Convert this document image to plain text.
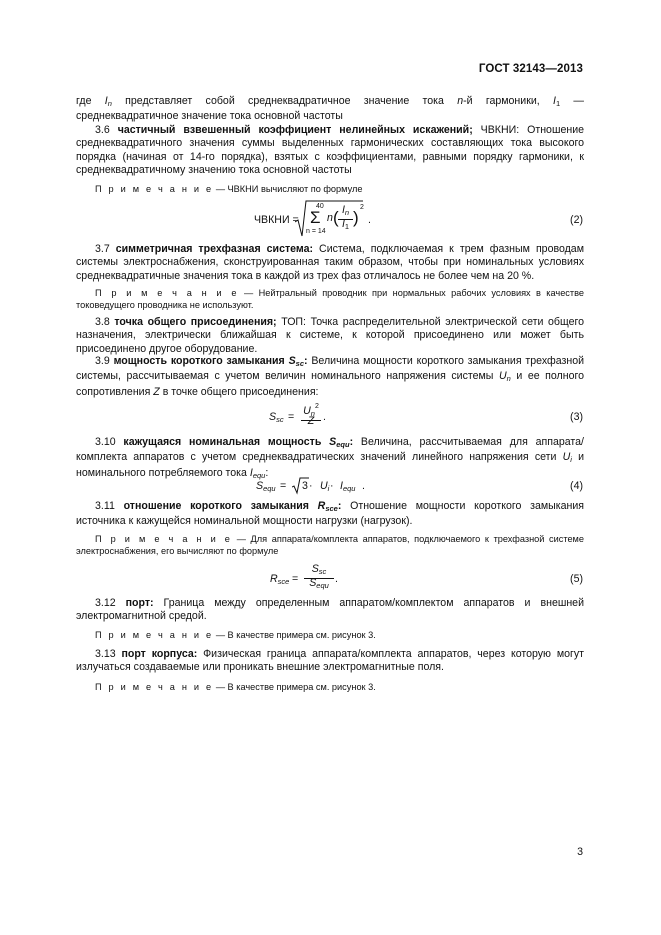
ГОСТ 32143—2013
где $I_n$ представляет собой среднеквадратичное значение тока n-й гармоники, $I_1$ — среднеквадратичное значение тока основной частоты
3.6 частичный взвешенный коэффициент нелинейных искажений; ЧВКНИ: Отношение среднеквадратичного значения суммы выделенных гармонических составляющих тока высокого порядка (начиная от 14-го порядка), взятых с коэффициентами, равными порядку гармоники, к среднеквадратичному значению тока основной частоты
П р и м е ч а н и е — ЧВКНИ вычисляют по формуле
ЧВКНИ =
40
Σ
n = 14
n ( $I_n$
$I_1$ )
2
.	(2)
3.7 симметричная трехфазная система: Система, подключаемая к трем фазным проводам системы электроснабжения, сконструированная таким образом, чтобы при номинальных условиях среднеквадратичные значения тока в каждой из трех фаз отличалось не более чем на 20 %.
П р и м е ч а н и е — Нейтральный проводник при нормальных рабочих условиях в качестве токоведущего проводника не используют.
3.8 точка общего присоединения; ТОП: Точка распределительной электрической сети общего назначения, электрически ближайшая к системе, к которой присоединено или может быть присоединено другое оборудование.
3.9 мощность короткого замыкания $S_{sc}$: Величина мощности короткого замыкания трехфазной системы, рассчитываемая с учетом величин номинального напряжения системы $U_n$ и ее полного сопротивления Z в точке общего присоединения:
$S_{sc} = U_n^2$
Z .	(3)
3.10 кажущаяся номинальная мощность $S_{equ}$: Величина, рассчитываемая для аппарата/комплекта аппаратов с учетом среднеквадратических значений линейного напряжения сети $U_i$ и номинального потребляемого тока $I_{equ}$:
$S_{equ} = 3 \cdot U_i \cdot I_{equ}$ .	(4)
3.11 отношение короткого замыкания $R_{sce}$: Отношение мощности короткого замыкания источника к кажущейся номинальной мощности нагрузки (нагрузок).
П р и м е ч а н и е — Для аппарата/комплекта аппаратов, подключаемого к трехфазной системе электроснабжения, его вычисляют по формуле
$R_{sce}$ =
$S_{sc}$
$S_{equ}$
.	(5)
3.12 порт: Граница между определенным аппаратом/комплектом аппаратов и внешней электромагнитной средой.
П р и м е ч а н и е — В качестве примера см. рисунок 3.
3.13 порт корпуса: Физическая граница аппарата/комплекта аппаратов, через которую могут излучаться создаваемые или проникать внешние электромагнитные поля.
П р и м е ч а н и е — В качестве примера см. рисунок 3.
3
